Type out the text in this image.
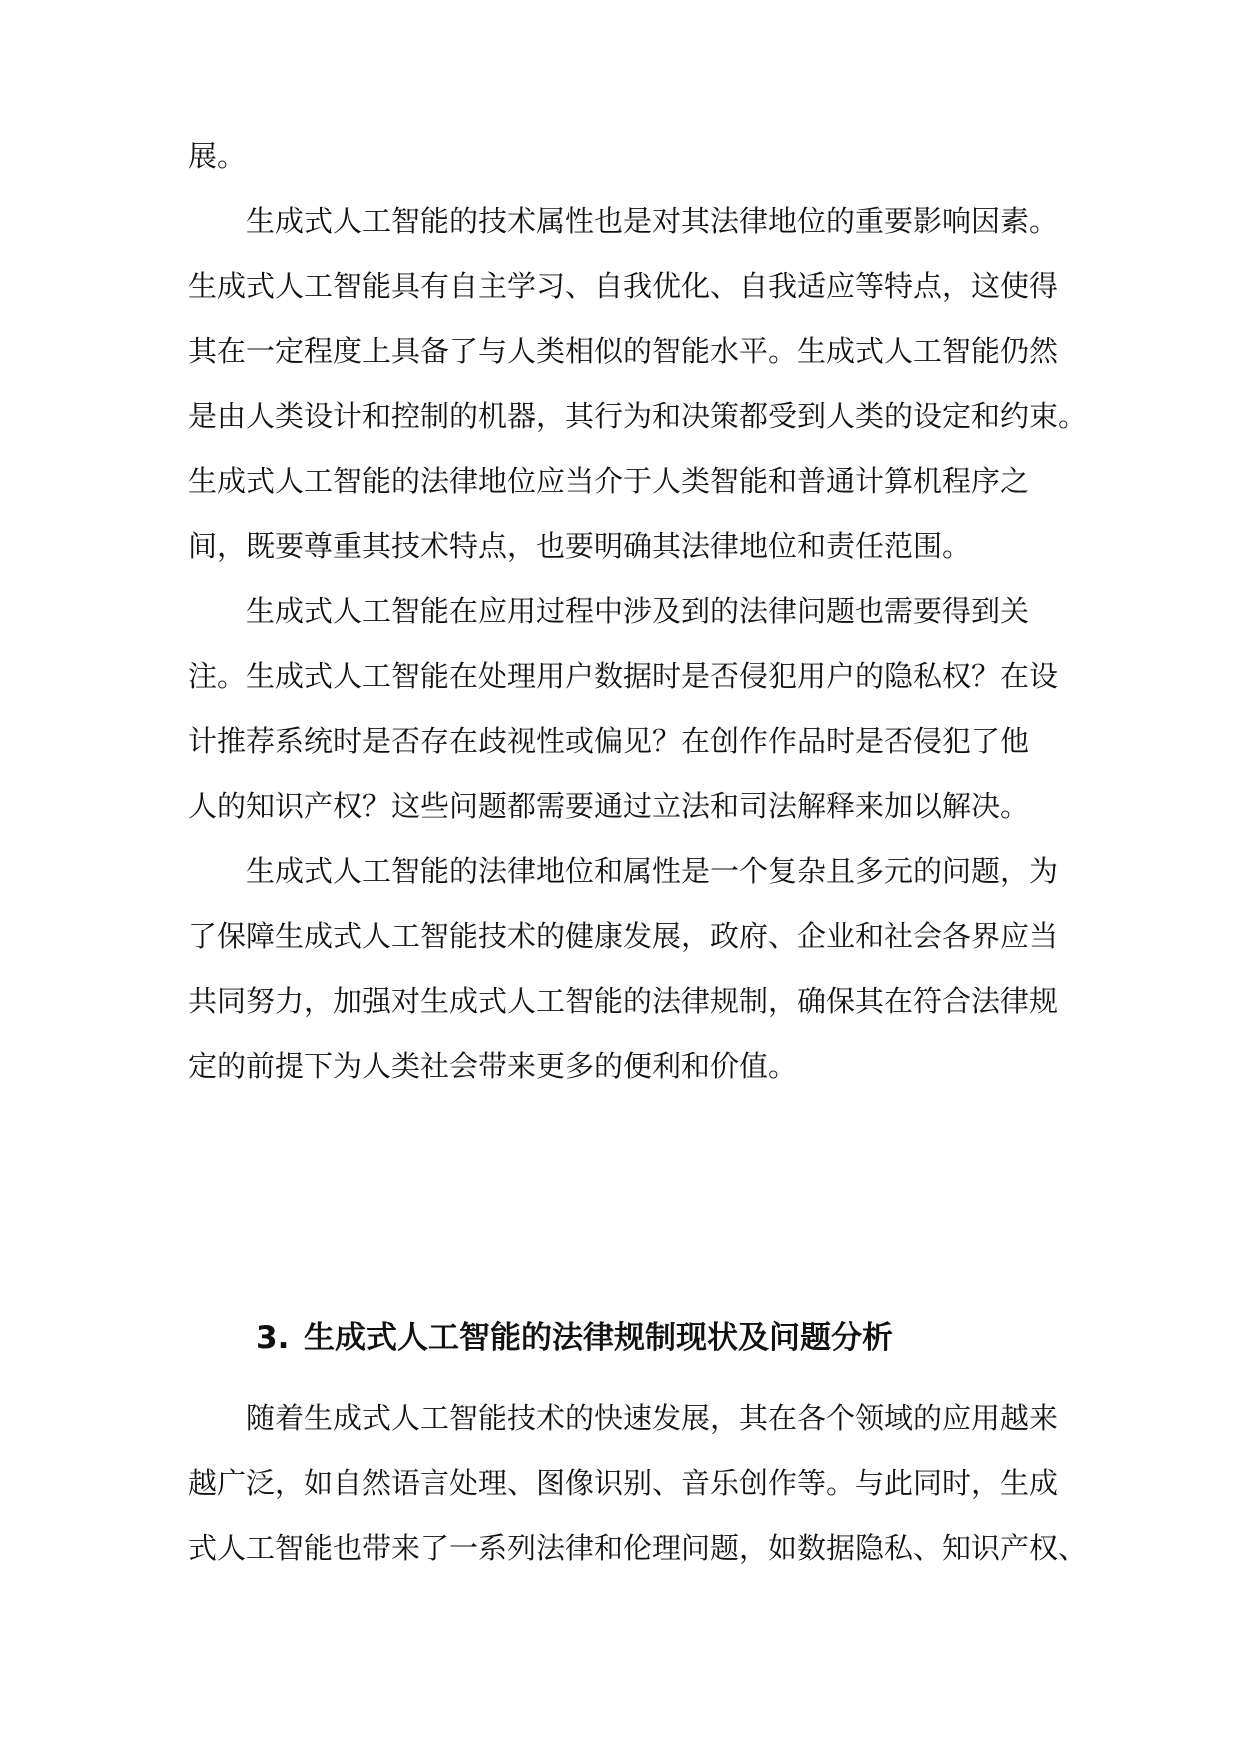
展。
生成式人工智能的技术属性也是对其法律地位的重要影响因素。
生成式人工智能具有自主学习、自我优化、自我适应等特点，这使得
其在一定程度上具备了与人类相似的智能水平。生成式人工智能仍然
是由人类设计和控制的机器，其行为和决策都受到人类的设定和约束。
生成式人工智能的法律地位应当介于人类智能和普通计算机程序之
间，既要尊重其技术特点，也要明确其法律地位和责任范围。
生成式人工智能在应用过程中涉及到的法律问题也需要得到关
注。生成式人工智能在处理用户数据时是否侵犯用户的隐私权？在设
计推荐系统时是否存在歧视性或偏见？在创作作品时是否侵犯了他
人的知识产权？这些问题都需要通过立法和司法解释来加以解决。
生成式人工智能的法律地位和属性是一个复杂且多元的问题，为
了保障生成式人工智能技术的健康发展，政府、企业和社会各界应当
共同努力，加强对生成式人工智能的法律规制，确保其在符合法律规
定的前提下为人类社会带来更多的便利和价值。
3. 生成式人工智能的法律规制现状及问题分析
随着生成式人工智能技术的快速发展，其在各个领域的应用越来
越广泛，如自然语言处理、图像识别、音乐创作等。与此同时，生成
式人工智能也带来了一系列法律和伦理问题，如数据隐私、知识产权、
